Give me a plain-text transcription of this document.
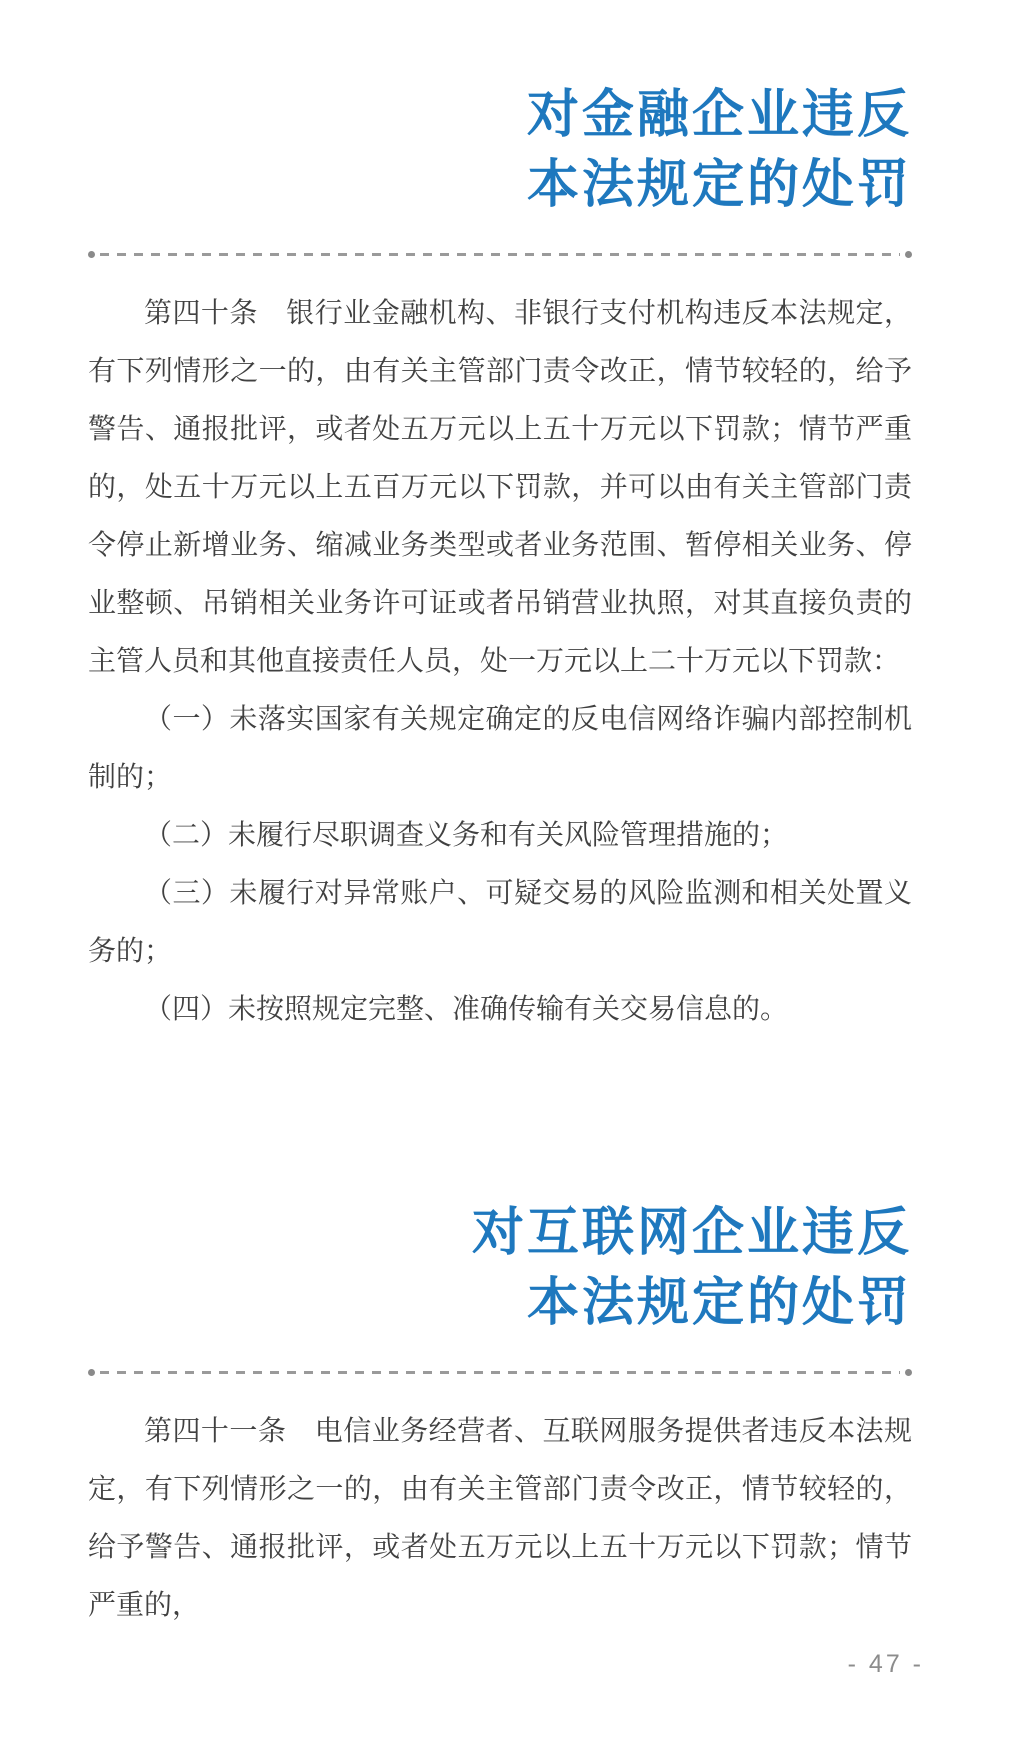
对金融企业违反
本法规定的处罚

第四十条　银行业金融机构、非银行支付机构违反本法规定，有下列情形之一的，由有关主管部门责令改正，情节较轻的，给予警告、通报批评，或者处五万元以上五十万元以下罚款；情节严重的，处五十万元以上五百万元以下罚款，并可以由有关主管部门责令停止新增业务、缩减业务类型或者业务范围、暂停相关业务、停业整顿、吊销相关业务许可证或者吊销营业执照，对其直接负责的主管人员和其他直接责任人员，处一万元以上二十万元以下罚款：

（一）未落实国家有关规定确定的反电信网络诈骗内部控制机制的；

（二）未履行尽职调查义务和有关风险管理措施的；

（三）未履行对异常账户、可疑交易的风险监测和相关处置义务的；

（四）未按照规定完整、准确传输有关交易信息的。

对互联网企业违反
本法规定的处罚

第四十一条　电信业务经营者、互联网服务提供者违反本法规定，有下列情形之一的，由有关主管部门责令改正，情节较轻的，给予警告、通报批评，或者处五万元以上五十万元以下罚款；情节严重的，

- 47 -
